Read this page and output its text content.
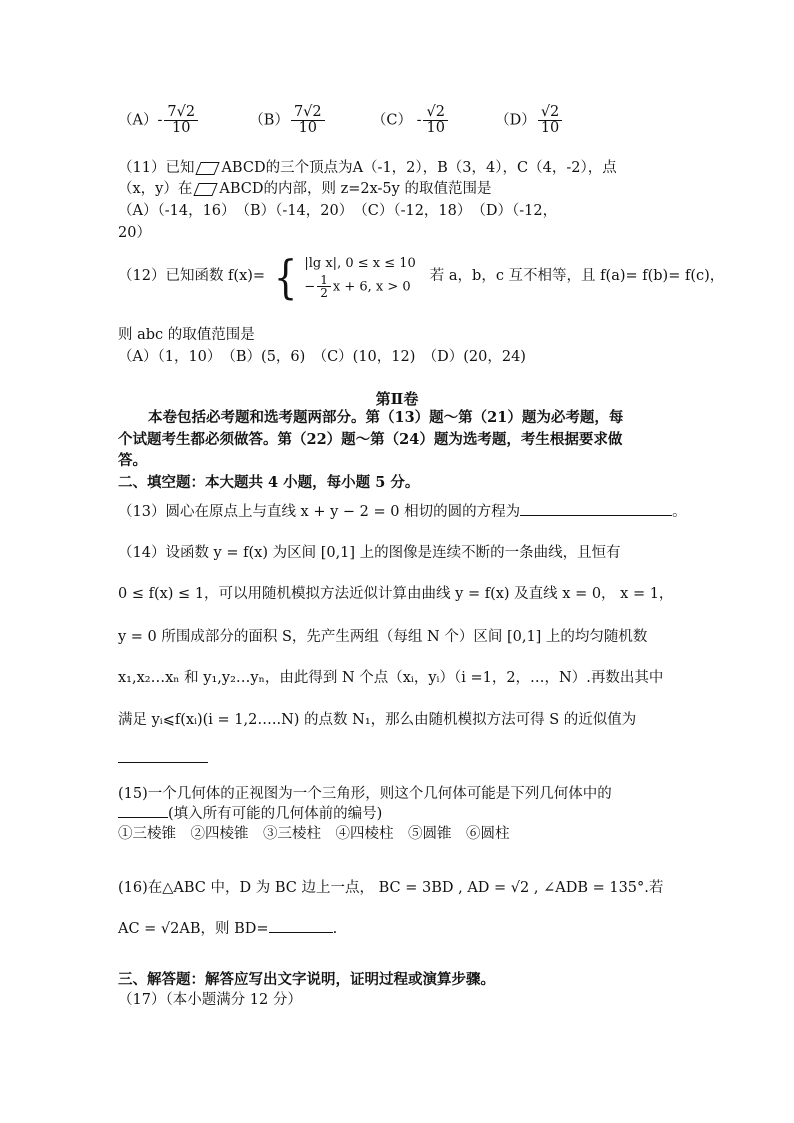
$(A)- \frac{7√2}{10}$	$(B) \frac{7√2}{10}$	$(C) - \frac{√2}{10}$	$(D) \frac{√2}{10}$
（11）已知 ABCD的三个顶点为A（-1，2），B（3，4），C（4，-2），点
（x，y）在 ABCD的内部，则 z=2x-5y 的取值范围是
（A）（-14，16）　（B）（-14，20）　（C）（-12，18）　（D）（-12，
20）
（12）已知函数 f(x)= { |lg x|, 0 ≤ x ≤ 10
− $\frac{1}{2}$ x + 6, x > 0
若 a，b，c 互不相等，且 f(a)= f(b)= f(c)，
则 abc 的取值范围是
（A）（1，10）　（B）(5，6)　（C）(10，12)　（D）(20，24)
第Ⅱ卷
本卷包括必考题和选考题两部分。第（13）题～第（21）题为必考题，每
个试题考生都必须做答。第（22）题～第（24）题为选考题，考生根据要求做
答。
二、填空题：本大题共 4 小题，每小题 5 分。
（13）圆心在原点上与直线 x + y − 2 = 0 相切的圆的方程为	。
（14）设函数 y = f(x) 为区间 [0,1] 上的图像是连续不断的一条曲线，且恒有
0 ≤ f(x) ≤ 1，可以用随机模拟方法近似计算由曲线 y = f(x) 及直线 x = 0， x = 1，
y = 0 所围成部分的面积 S，先产生两组（每组 N 个）区间 [0,1] 上的均匀随机数
x₁,x₂…xₙ 和 y₁,y₂…yₙ，由此得到 N 个点（xᵢ，yᵢ）（i =1，2，…，N）.再数出其中
满足 yᵢ⩽f(xᵢ)(i = 1,2…..N) 的点数 N₁，那么由随机模拟方法可得 S 的近似值为
(15)一个几何体的正视图为一个三角形，则这个几何体可能是下列几何体中的
(填入所有可能的几何体前的编号)
①三棱锥　②四棱锥　③三棱柱　④四棱柱　⑤圆锥　⑥圆柱
(16)在△ABC 中，D 为 BC 边上一点， BC = 3BD , AD = √2 , ∠ADB = 135°.若
AC = √2AB，则 BD=	.
三、解答题：解答应写出文字说明，证明过程或演算步骤。
（17）（本小题满分 12 分）
